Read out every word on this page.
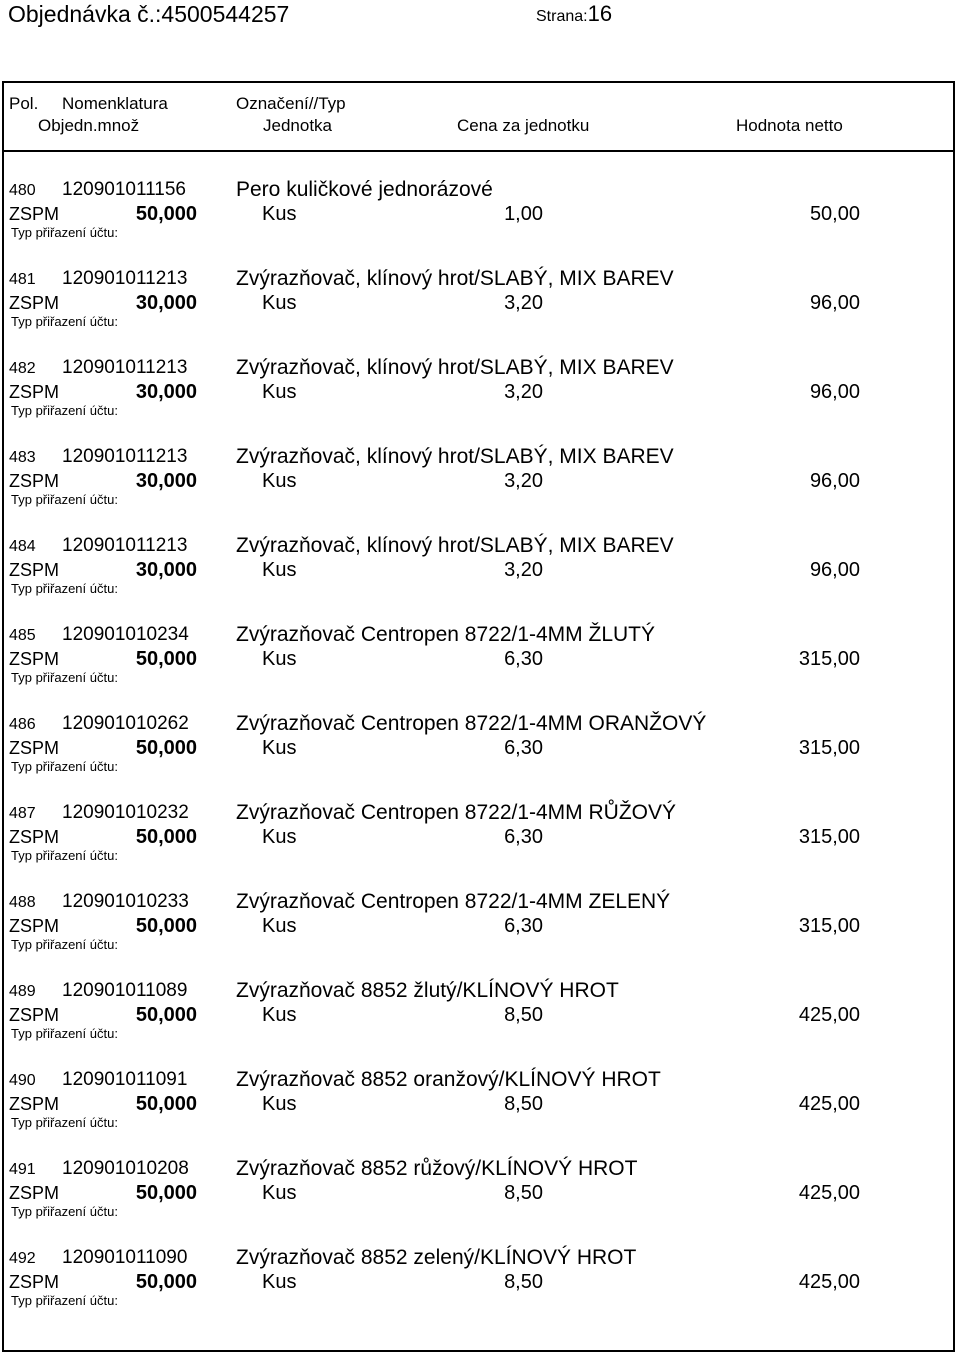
Objednávka č.:4500544257	Strana:16
Pol. Nomenklatura	Označení//Typ
Objedn.množ	Jednotka	Cena za jednotku	Hodnota netto
480 120901011156 Pero kuličkové jednorázové
ZSPM	50,000	Kus	1,00	50,00
Typ přiřazení účtu:
481 120901011213 Zvýrazňovač, klínový hrot/SLABÝ, MIX BAREV
ZSPM	30,000	Kus	3,20	96,00
Typ přiřazení účtu:
482 120901011213 Zvýrazňovač, klínový hrot/SLABÝ, MIX BAREV
ZSPM	30,000	Kus	3,20	96,00
Typ přiřazení účtu:
483 120901011213 Zvýrazňovač, klínový hrot/SLABÝ, MIX BAREV
ZSPM	30,000	Kus	3,20	96,00
Typ přiřazení účtu:
484 120901011213 Zvýrazňovač, klínový hrot/SLABÝ, MIX BAREV
ZSPM	30,000	Kus	3,20	96,00
Typ přiřazení účtu:
485 120901010234 Zvýrazňovač Centropen 8722/1-4MM ŽLUTÝ
ZSPM	50,000	Kus	6,30	315,00
Typ přiřazení účtu:
486 120901010262 Zvýrazňovač Centropen 8722/1-4MM ORANŽOVÝ
ZSPM	50,000	Kus	6,30	315,00
Typ přiřazení účtu:
487 120901010232 Zvýrazňovač Centropen 8722/1-4MM RŮŽOVÝ
ZSPM	50,000	Kus	6,30	315,00
Typ přiřazení účtu:
488 120901010233 Zvýrazňovač Centropen 8722/1-4MM ZELENÝ
ZSPM	50,000	Kus	6,30	315,00
Typ přiřazení účtu:
489 120901011089 Zvýrazňovač 8852 žlutý/KLÍNOVÝ HROT
ZSPM	50,000	Kus	8,50	425,00
Typ přiřazení účtu:
490 120901011091 Zvýrazňovač 8852 oranžový/KLÍNOVÝ HROT
ZSPM	50,000	Kus	8,50	425,00
Typ přiřazení účtu:
491 120901010208 Zvýrazňovač 8852 růžový/KLÍNOVÝ HROT
ZSPM	50,000	Kus	8,50	425,00
Typ přiřazení účtu:
492 120901011090 Zvýrazňovač 8852 zelený/KLÍNOVÝ HROT
ZSPM	50,000	Kus	8,50	425,00
Typ přiřazení účtu:
